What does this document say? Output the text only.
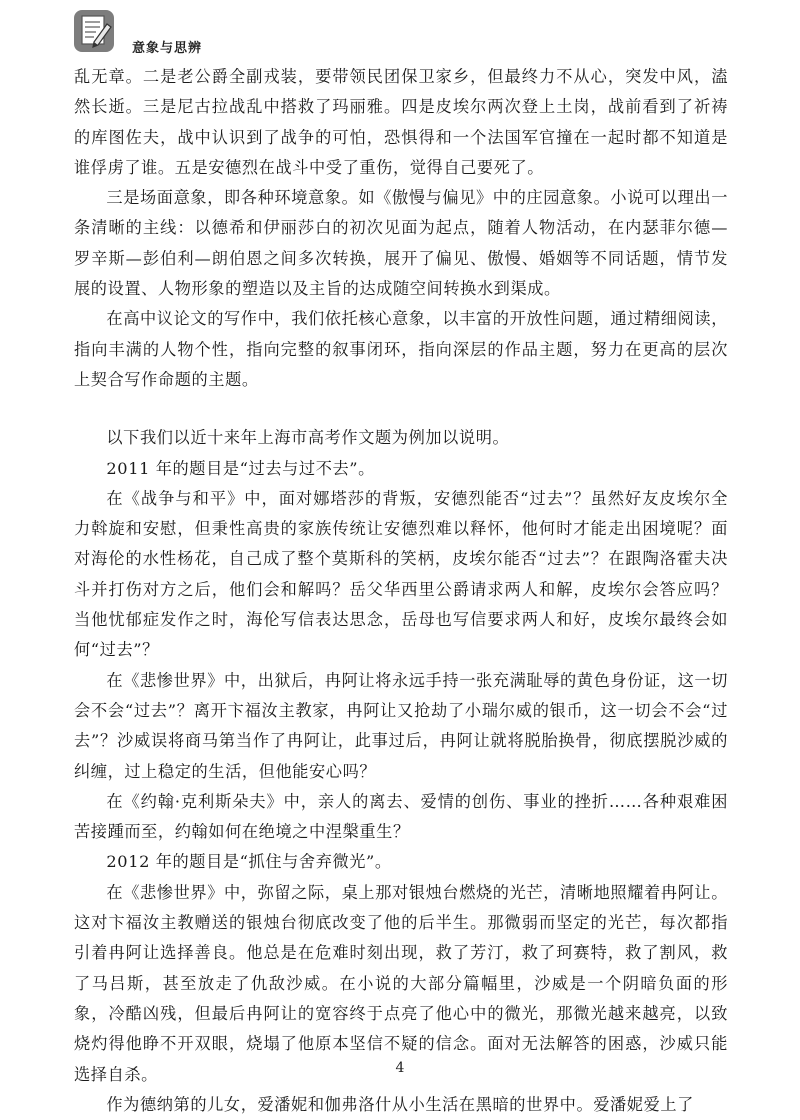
意象与思辨

乱无章。二是老公爵全副戎装，要带领民团保卫家乡，但最终力不从心，突发中风，溘然长逝。三是尼古拉战乱中搭救了玛丽雅。四是皮埃尔两次登上土岗，战前看到了祈祷的库图佐夫，战中认识到了战争的可怕，恐惧得和一个法国军官撞在一起时都不知道是谁俘虏了谁。五是安德烈在战斗中受了重伤，觉得自己要死了。

三是场面意象，即各种环境意象。如《傲慢与偏见》中的庄园意象。小说可以理出一条清晰的主线：以德希和伊丽莎白的初次见面为起点，随着人物活动，在内瑟菲尔德—罗辛斯—彭伯利—朗伯恩之间多次转换，展开了偏见、傲慢、婚姻等不同话题，情节发展的设置、人物形象的塑造以及主旨的达成随空间转换水到渠成。

在高中议论文的写作中，我们依托核心意象，以丰富的开放性问题，通过精细阅读，指向丰满的人物个性，指向完整的叙事闭环，指向深层的作品主题，努力在更高的层次上契合写作命题的主题。

以下我们以近十来年上海市高考作文题为例加以说明。

2011 年的题目是“过去与过不去”。

在《战争与和平》中，面对娜塔莎的背叛，安德烈能否“过去”？虽然好友皮埃尔全力斡旋和安慰，但秉性高贵的家族传统让安德烈难以释怀，他何时才能走出困境呢？面对海伦的水性杨花，自己成了整个莫斯科的笑柄，皮埃尔能否“过去”？在跟陶洛霍夫决斗并打伤对方之后，他们会和解吗？岳父华西里公爵请求两人和解，皮埃尔会答应吗？当他忧郁症发作之时，海伦写信表达思念，岳母也写信要求两人和好，皮埃尔最终会如何“过去”？

在《悲惨世界》中，出狱后，冉阿让将永远手持一张充满耻辱的黄色身份证，这一切会不会“过去”？离开卞福汝主教家，冉阿让又抢劫了小瑞尔威的银币，这一切会不会“过去”？沙威误将商马第当作了冉阿让，此事过后，冉阿让就将脱胎换骨，彻底摆脱沙威的纠缠，过上稳定的生活，但他能安心吗？

在《约翰·克利斯朵夫》中，亲人的离去、爱情的创伤、事业的挫折……各种艰难困苦接踵而至，约翰如何在绝境之中涅槃重生？

2012 年的题目是“抓住与舍弃微光”。

在《悲惨世界》中，弥留之际，桌上那对银烛台燃烧的光芒，清晰地照耀着冉阿让。这对卞福汝主教赠送的银烛台彻底改变了他的后半生。那微弱而坚定的光芒，每次都指引着冉阿让选择善良。他总是在危难时刻出现，救了芳汀，救了珂赛特，救了割风，救了马吕斯，甚至放走了仇敌沙威。在小说的大部分篇幅里，沙威是一个阴暗负面的形象，冷酷凶残，但最后冉阿让的宽容终于点亮了他心中的微光，那微光越来越亮，以致烧灼得他睁不开双眼，烧塌了他原本坚信不疑的信念。面对无法解答的困惑，沙威只能选择自杀。

作为德纳第的儿女，爱潘妮和伽弗洛什从小生活在黑暗的世界中。爱潘妮爱上了

4
